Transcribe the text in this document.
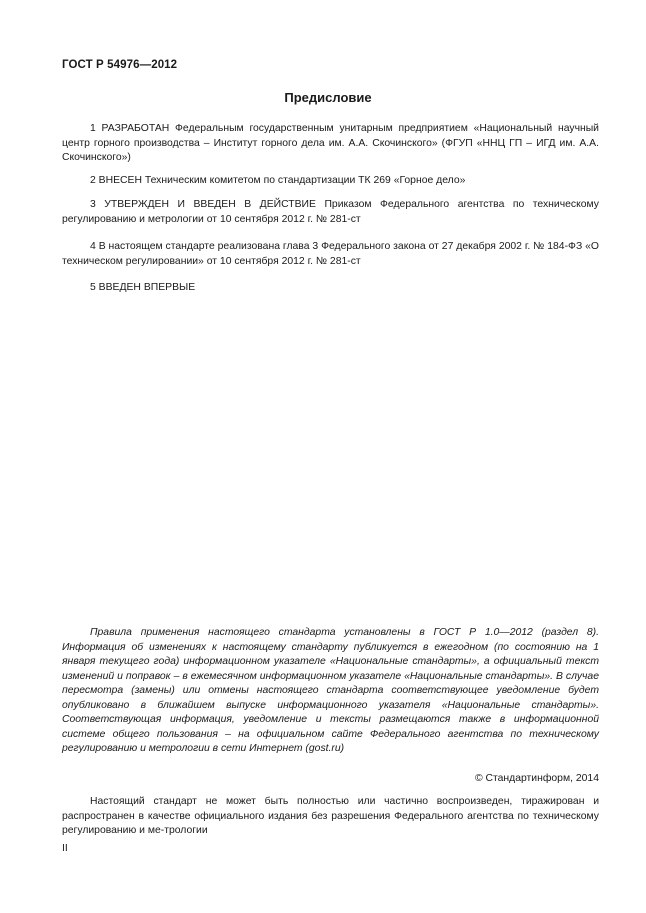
ГОСТ Р 54976—2012
Предисловие

1 РАЗРАБОТАН Федеральным государственным унитарным предприятием «Национальный научный центр горного производства – Институт горного дела им. А.А. Скочинского» (ФГУП «ННЦ ГП – ИГД им. А.А. Скочинского»)

2 ВНЕСЕН Техническим комитетом по стандартизации ТК 269 «Горное дело»

3 УТВЕРЖДЕН И ВВЕДЕН В ДЕЙСТВИЕ Приказом Федерального агентства по техническому регулированию и метрологии от 10 сентября 2012 г. № 281-ст

4 В настоящем стандарте реализована глава 3 Федерального закона от 27 декабря 2002 г. № 184-ФЗ «О техническом регулировании» от 10 сентября 2012 г. № 281-ст

5 ВВЕДЕН ВПЕРВЫЕ

Правила применения настоящего стандарта установлены в ГОСТ Р 1.0—2012 (раздел 8). Информация об изменениях к настоящему стандарту публикуется в ежегодном (по состоянию на 1 января текущего года) информационном указателе «Национальные стандарты», а официальный текст изменений и поправок – в ежемесячном информационном указателе «Национальные стандарты». В случае пересмотра (замены) или отмены настоящего стандарта соответствующее уведомление будет опубликовано в ближайшем выпуске информационного указателя «Национальные стандарты». Соответствующая информация, уведомление и тексты размещаются также в информационной системе общего пользования – на официальном сайте Федерального агентства по техническому регулированию и метрологии в сети Интернет (gost.ru)

© Стандартинформ, 2014

Настоящий стандарт не может быть полностью или частично воспроизведен, тиражирован и распространен в качестве официального издания без разрешения Федерального агентства по техническому регулированию и ме-трологии

II
